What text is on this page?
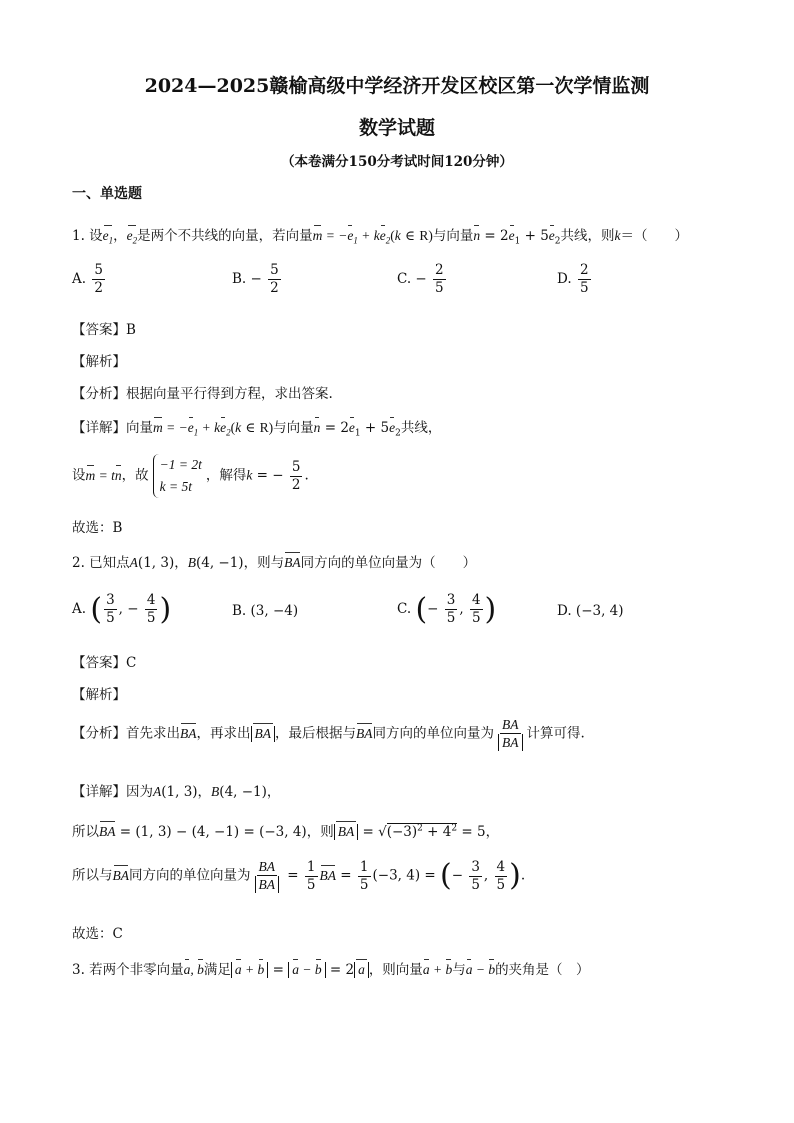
2024—2025赣榆高级中学经济开发区校区第一次学情监测
数学试题
（本卷满分150分考试时间120分钟）
一、单选题
1. 设$e_1$，$e_2$是两个不共线的向量，若向量$m = -e_1 + ke_2(k$ ∈ R)与向量$n = 2e_1 + 5e_2$共线，则k＝（　　）
A. $\frac{5}{2}$	B. − $\frac{5}{2}$	C. − $\frac{2}{5}$	D. $\frac{2}{5}$
【答案】B
【解析】
【分析】根据向量平行得到方程，求出答案.
【详解】向量$m = -e_1 + ke_2(k$ ∈ R)与向量$n = 2e_1 + 5e_2$共线，
设m = tn，故−1 = 2t
k = 5t，解得k = − $\frac{5}{2}$ .
故选：B
2. 已知点A(1, 3)，B(4, −1)，则与BA同方向的单位向量为（　　）
A. ( $\frac{3}{5}$ , − $\frac{4}{5}$ )	B. (3, −4)	C. (− $\frac{3}{5}$ , $\frac{4}{5}$ )	D. (−3, 4)
【答案】C
【解析】
【分析】首先求出BA，再求出 BA ，最后根据与BA同方向的单位向量为 $\frac{BA}{BA}$ 计算可得.
【详解】因为A(1, 3)，B(4, −1)，
所以BA = (1, 3) − (4, −1) = (−3, 4)，则 BA = $√(-3)^2 + 4^2 = 5$，
所以与BA同方向的单位向量为 $\frac{BA}{BA} = \frac{1}{5}$ BA = $\frac{1}{5} (-3$, 4) = (− $\frac{3}{5}$ , $\frac{4}{5}$ ).
故选：C
3. 若两个非零向量a, b满足 a + b = a − b = 2 a ，则向量a + b与a − b的夹角是（　）
